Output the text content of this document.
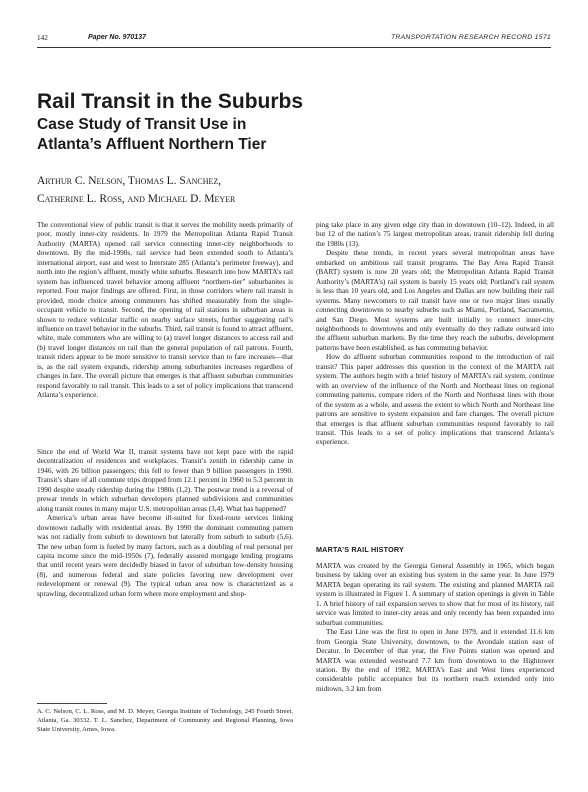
142	Paper No. 970137	TRANSPORTATION RESEARCH RECORD 1571
Rail Transit in the Suburbs
Case Study of Transit Use in
Atlanta’s Affluent Northern Tier
Arthur C. Nelson, Thomas L. Sanchez,
Catherine L. Ross, and Michael D. Meyer

The conventional view of public transit is that it serves the mobility needs primarily of poor, mostly inner-city residents. In 1979 the Metropolitan Atlanta Rapid Transit Authority (MARTA) opened rail service connecting inner-city neighborhoods to downtown. By the mid-1990s, rail service had been extended south to Atlanta’s international airport, east and west to Interstate 285 (Atlanta’s perimeter freeway), and north into the region’s affluent, mostly white suburbs. Research into how MARTA’s rail system has influenced travel behavior among affluent “northern-tier” suburbanites is reported. Four major findings are offered. First, in those corridors where rail transit is provided, mode choice among commuters has shifted measurably from the single-occupant vehicle to transit. Second, the opening of rail stations in suburban areas is shown to reduce vehicular traffic on nearby surface streets, further suggesting rail’s influence on travel behavior in the suburbs. Third, rail transit is found to attract affluent, white, male commuters who are willing to (a) travel longer distances to access rail and (b) travel longer distances on rail than the general population of rail patrons. Fourth, transit riders appear to be more sensitive to transit service than to fare increases—that is, as the rail system expands, ridership among suburbanites increases regardless of changes in fare. The overall picture that emerges is that affluent suburban communities respond favorably to rail transit. This leads to a set of policy implications that transcend Atlanta’s experience.

Since the end of World War II, transit systems have not kept pace with the rapid decentralization of residences and workplaces. Transit’s zenith in ridership came in 1946, with 26 billion passengers; this fell to fewer than 9 billion passengers in 1990. Transit’s share of all commute trips dropped from 12.1 percent in 1960 to 5.3 percent in 1990 despite steady ridership during the 1980s (1,2). The postwar trend is a reversal of prewar trends in which suburban developers planned subdivisions and communities along transit routes in many major U.S. metropolitan areas (3,4). What has happened?

America’s urban areas have become ill-suited for fixed-route services linking downtown radially with residential areas. By 1990 the dominant commuting pattern was not radially from suburb to downtown but laterally from suburb to suburb (5,6). The new urban form is fueled by many factors, such as a doubling of real personal per capita income since the mid-1950s (7), federally assured mortgage lending programs that until recent years were decidedly biased in favor of suburban low-density housing (8), and numerous federal and state policies favoring new development over redevelopment or renewal (9). The typical urban area now is characterized as a sprawling, decentralized urban form where more employment and shop-

A. C. Nelson, C. L. Ross, and M. D. Meyer, Georgia Institute of Technology, 245 Fourth Street, Atlanta, Ga. 30332. T. L. Sanchez, Department of Community and Regional Planning, Iowa State University, Ames, Iowa.

ping take place in any given edge city than in downtown (10–12). Indeed, in all but 12 of the nation’s 75 largest metropolitan areas, transit ridership fell during the 1980s (13).

Despite these trends, in recent years several metropolitan areas have embarked on ambitious rail transit programs. The Bay Area Rapid Transit (BART) system is now 20 years old; the Metropolitan Atlanta Rapid Transit Authority’s (MARTA’s) rail system is barely 15 years old; Portland’s rail system is less than 10 years old, and Los Angeles and Dallas are now building their rail systems. Many newcomers to rail transit have one or two major lines usually connecting downtowns to nearby suburbs such as Miami, Portland, Sacramento, and San Diego. Most systems are built initially to connect inner-city neighborhoods to downtowns and only eventually do they radiate outward into the affluent suburban markets. By the time they reach the suburbs, development patterns have been established, as has commuting behavior.

How do affluent suburban communities respond to the introduction of rail transit? This paper addresses this question in the context of the MARTA rail system. The authors begin with a brief history of MARTA’s rail system, continue with an overview of the influence of the North and Northeast lines on regional commuting patterns, compare riders of the North and Northeast lines with those of the system as a whole, and assess the extent to which North and Northeast line patrons are sensitive to system expansion and fare changes. The overall picture that emerges is that affluent suburban communities respond favorably to rail transit. This leads to a set of policy implications that transcend Atlanta’s experience.

MARTA’S RAIL HISTORY

MARTA was created by the Georgia General Assembly in 1965, which began business by taking over an existing bus system in the same year. In June 1979 MARTA began operating its rail system. The existing and planned MARTA rail system is illustrated in Figure 1. A summary of station openings is given in Table 1. A brief history of rail expansion serves to show that for most of its history, rail service was limited to inner-city areas and only recently has been expanded into suburban communities.

The East Line was the first to open in June 1979, and it extended 11.6 km from Georgia State University, downtown, to the Avondale station east of Decatur. In December of that year, the Five Points station was opened and MARTA was extended westward 7.7 km from downtown to the Hightower station. By the end of 1982, MARTA’s East and West lines experienced considerable public acceptance but its northern reach extended only into midtown, 3.2 km from
